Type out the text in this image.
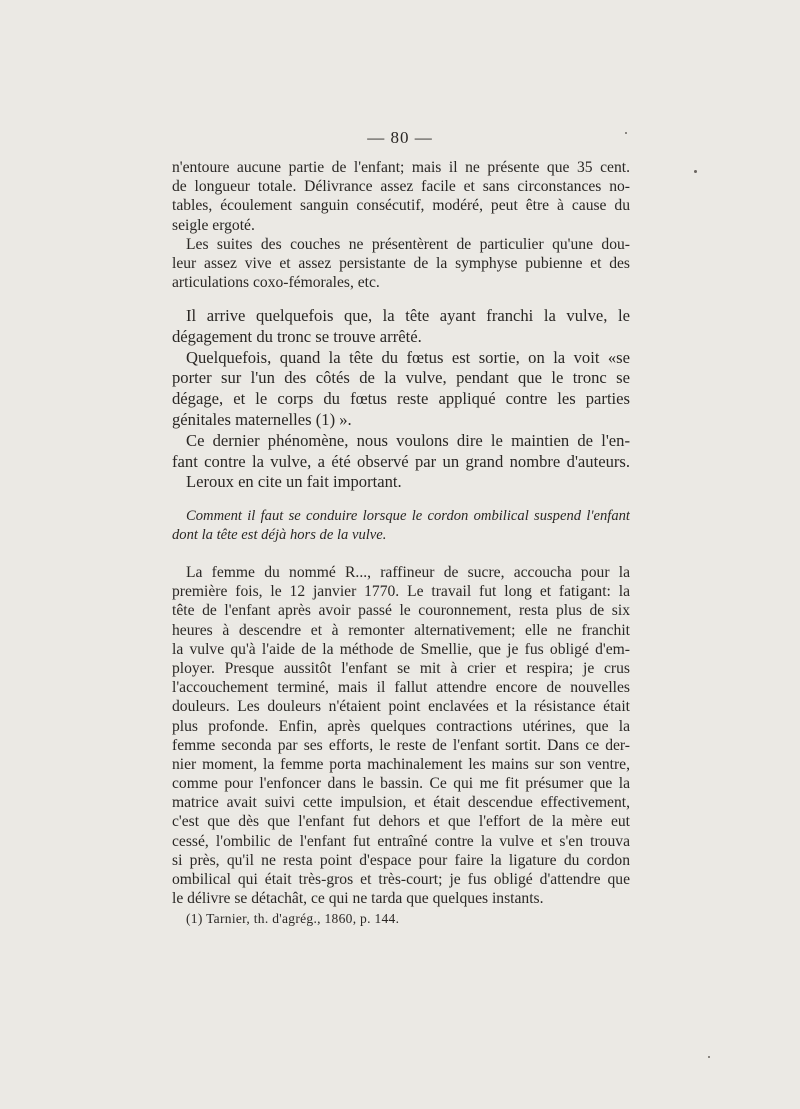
— 80 —
n'entoure aucune partie de l'enfant; mais il ne présente que 35 cent.
de longueur totale. Délivrance assez facile et sans circonstances no-
tables, écoulement sanguin consécutif, modéré, peut être à cause du
seigle ergoté.
Les suites des couches ne présentèrent de particulier qu'une dou-
leur assez vive et assez persistante de la symphyse pubienne et des
articulations coxo-fémorales, etc.
Il arrive quelquefois que, la tête ayant franchi la vulve, le
dégagement du tronc se trouve arrêté.
Quelquefois, quand la tête du fœtus est sortie, on la voit «se
porter sur l'un des côtés de la vulve, pendant que le tronc se
dégage, et le corps du fœtus reste appliqué contre les parties
génitales maternelles (1) ».
Ce dernier phénomène, nous voulons dire le maintien de l'en-
fant contre la vulve, a été observé par un grand nombre d'auteurs.
Leroux en cite un fait important.
Comment il faut se conduire lorsque le cordon ombilical suspend l'enfant
dont la tête est déjà hors de la vulve.
La femme du nommé R..., raffineur de sucre, accoucha pour la
première fois, le 12 janvier 1770. Le travail fut long et fatigant: la
tête de l'enfant après avoir passé le couronnement, resta plus de six
heures à descendre et à remonter alternativement; elle ne franchit
la vulve qu'à l'aide de la méthode de Smellie, que je fus obligé d'em-
ployer. Presque aussitôt l'enfant se mit à crier et respira; je crus
l'accouchement terminé, mais il fallut attendre encore de nouvelles
douleurs. Les douleurs n'étaient point enclavées et la résistance était
plus profonde. Enfin, après quelques contractions utérines, que la
femme seconda par ses efforts, le reste de l'enfant sortit. Dans ce der-
nier moment, la femme porta machinalement les mains sur son ventre,
comme pour l'enfoncer dans le bassin. Ce qui me fit présumer que la
matrice avait suivi cette impulsion, et était descendue effectivement,
c'est que dès que l'enfant fut dehors et que l'effort de la mère eut
cessé, l'ombilic de l'enfant fut entraîné contre la vulve et s'en trouva
si près, qu'il ne resta point d'espace pour faire la ligature du cordon
ombilical qui était très-gros et très-court; je fus obligé d'attendre que
le délivre se détachât, ce qui ne tarda que quelques instants.
(1) Tarnier, th. d'agrég., 1860, p. 144.
